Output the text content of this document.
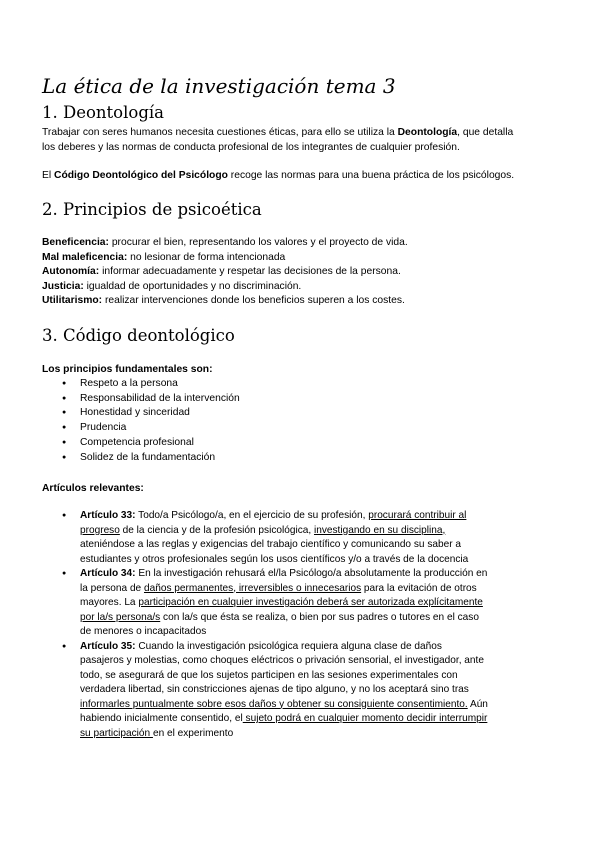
La ética de la investigación tema 3
1. Deontología
Trabajar con seres humanos necesita cuestiones éticas, para ello se utiliza la Deontología, que detalla
los deberes y las normas de conducta profesional de los integrantes de cualquier profesión.
El Código Deontológico del Psicólogo recoge las normas para una buena práctica de los psicólogos.
2. Principios de psicoética
Beneficencia: procurar el bien, representando los valores y el proyecto de vida.
Mal maleficencia: no lesionar de forma intencionada
Autonomía: informar adecuadamente y respetar las decisiones de la persona.
Justicia: igualdad de oportunidades y no discriminación.
Utilitarismo: realizar intervenciones donde los beneficios superen a los costes.
3. Código deontológico
Los principios fundamentales son:
● Respeto a la persona
● Responsabilidad de la intervención
● Honestidad y sinceridad
● Prudencia
● Competencia profesional
● Solidez de la fundamentación
Artículos relevantes:
● Artículo 33: Todo/a Psicólogo/a, en el ejercicio de su profesión, procurará contribuir al
progreso de la ciencia y de la profesión psicológica, investigando en su disciplina,
ateniéndose a las reglas y exigencias del trabajo científico y comunicando su saber a
estudiantes y otros profesionales según los usos científicos y/o a través de la docencia
● Artículo 34: En la investigación rehusará el/la Psicólogo/a absolutamente la producción en
la persona de daños permanentes, irreversibles o innecesarios para la evitación de otros
mayores. La participación en cualquier investigación deberá ser autorizada explícitamente
por la/s persona/s con la/s que ésta se realiza, o bien por sus padres o tutores en el caso
de menores o incapacitados
● Artículo 35: Cuando la investigación psicológica requiera alguna clase de daños
pasajeros y molestias, como choques eléctricos o privación sensorial, el investigador, ante
todo, se asegurará de que los sujetos participen en las sesiones experimentales con
verdadera libertad, sin constricciones ajenas de tipo alguno, y no los aceptará sino tras
informarles puntualmente sobre esos daños y obtener su consiguiente consentimiento. Aún
habiendo inicialmente consentido, el sujeto podrá en cualquier momento decidir interrumpir
su participación en el experimento
